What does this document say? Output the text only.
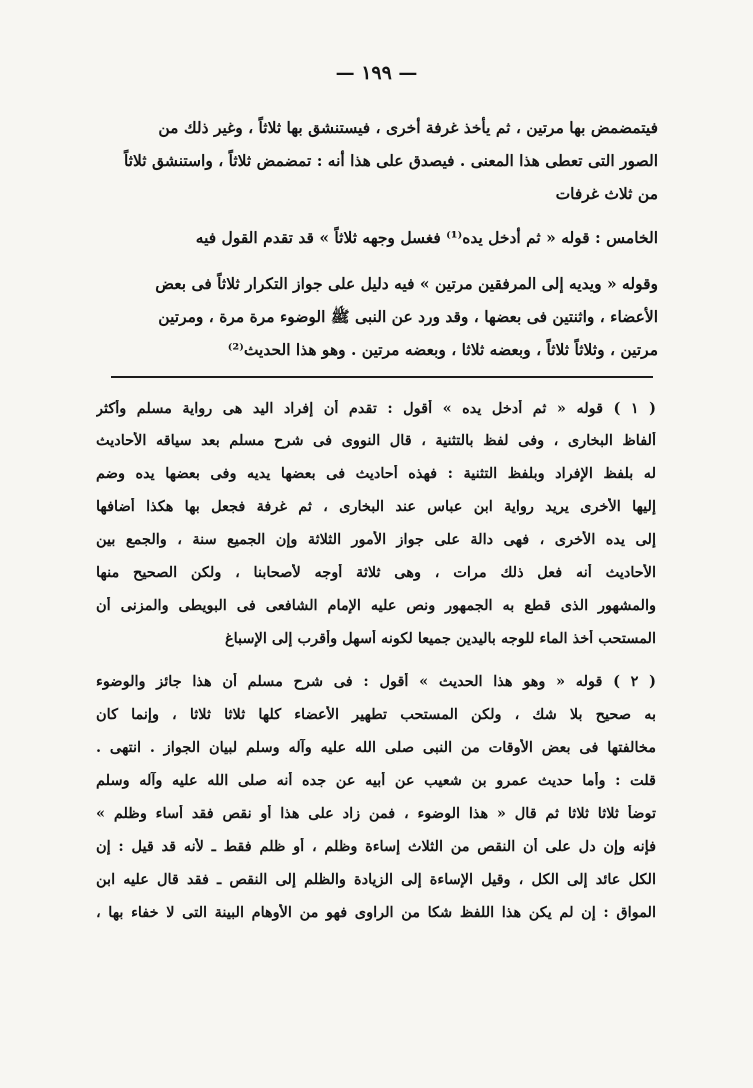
— ١٩٩ —
فيتمضمض بها مرتين ، ثم يأخذ غرفة أخرى ، فيستنشق بها ثلاثاً ، وغير ذلك من
الصور التى تعطى هذا المعنى . فيصدق على هذا أنه : تمضمض ثلاثاً ، واستنشق ثلاثاً
من ثلاث غرفات
الخامس : قوله « ثم أدخل يده⁽¹⁾ فغسل وجهه ثلاثاً » قد تقدم القول فيه
وقوله « ويديه إلى المرفقين مرتين » فيه دليل على جواز التكرار ثلاثاً فى بعض
الأعضاء ، واثنتين فى بعضها ، وقد ورد عن النبى ﷺ الوضوء مرة مرة ، ومرتين
مرتين ، وثلاثاً ثلاثاً ، وبعضه ثلاثا ، وبعضه مرتين . وهو هذا الحديث⁽²⁾
( ١ ) قوله « ثم أدخل يده » أقول : تقدم أن إفراد اليد هى رواية مسلم وأكثر
ألفاظ البخارى ، وفى لفظ بالتثنية ، قال النووى فى شرح مسلم بعد سياقه الأحاديث
له بلفظ الإفراد وبلفظ التثنية : فهذه أحاديث فى بعضها يديه وفى بعضها يده وضم
إليها الأخرى يريد رواية ابن عباس عند البخارى ، ثم غرفة فجعل بها هكذا أضافها
إلى يده الأخرى ، فهى دالة على جواز الأمور الثلاثة وإن الجميع سنة ، والجمع بين
الأحاديث أنه فعل ذلك مرات ، وهى ثلاثة أوجه لأصحابنا ، ولكن الصحيح منها
والمشهور الذى قطع به الجمهور ونص عليه الإمام الشافعى فى البويطى والمزنى أن
المستحب أخذ الماء للوجه باليدين جميعا لكونه أسهل وأقرب إلى الإسباغ
( ٢ ) قوله « وهو هذا الحديث » أقول : فى شرح مسلم أن هذا جائز والوضوء
به صحيح بلا شك ، ولكن المستحب تطهير الأعضاء كلها ثلاثا ثلاثا ، وإنما كان
مخالفتها فى بعض الأوقات من النبى صلى الله عليه وآله وسلم لبيان الجواز . انتهى .
قلت : وأما حديث عمرو بن شعيب عن أبيه عن جده أنه صلى الله عليه وآله وسلم
توضأ ثلاثا ثلاثا ثم قال « هذا الوضوء ، فمن زاد على هذا أو نقص فقد أساء وظلم »
فإنه وإن دل على أن النقص من الثلاث إساءة وظلم ، أو ظلم فقط ـ لأنه قد قيل : إن
الكل عائد إلى الكل ، وقيل الإساءة إلى الزيادة والظلم إلى النقص ـ فقد قال عليه ابن
المواق : إن لم يكن هذا اللفظ شكا من الراوى فهو من الأوهام البينة التى لا خفاء بها ،
